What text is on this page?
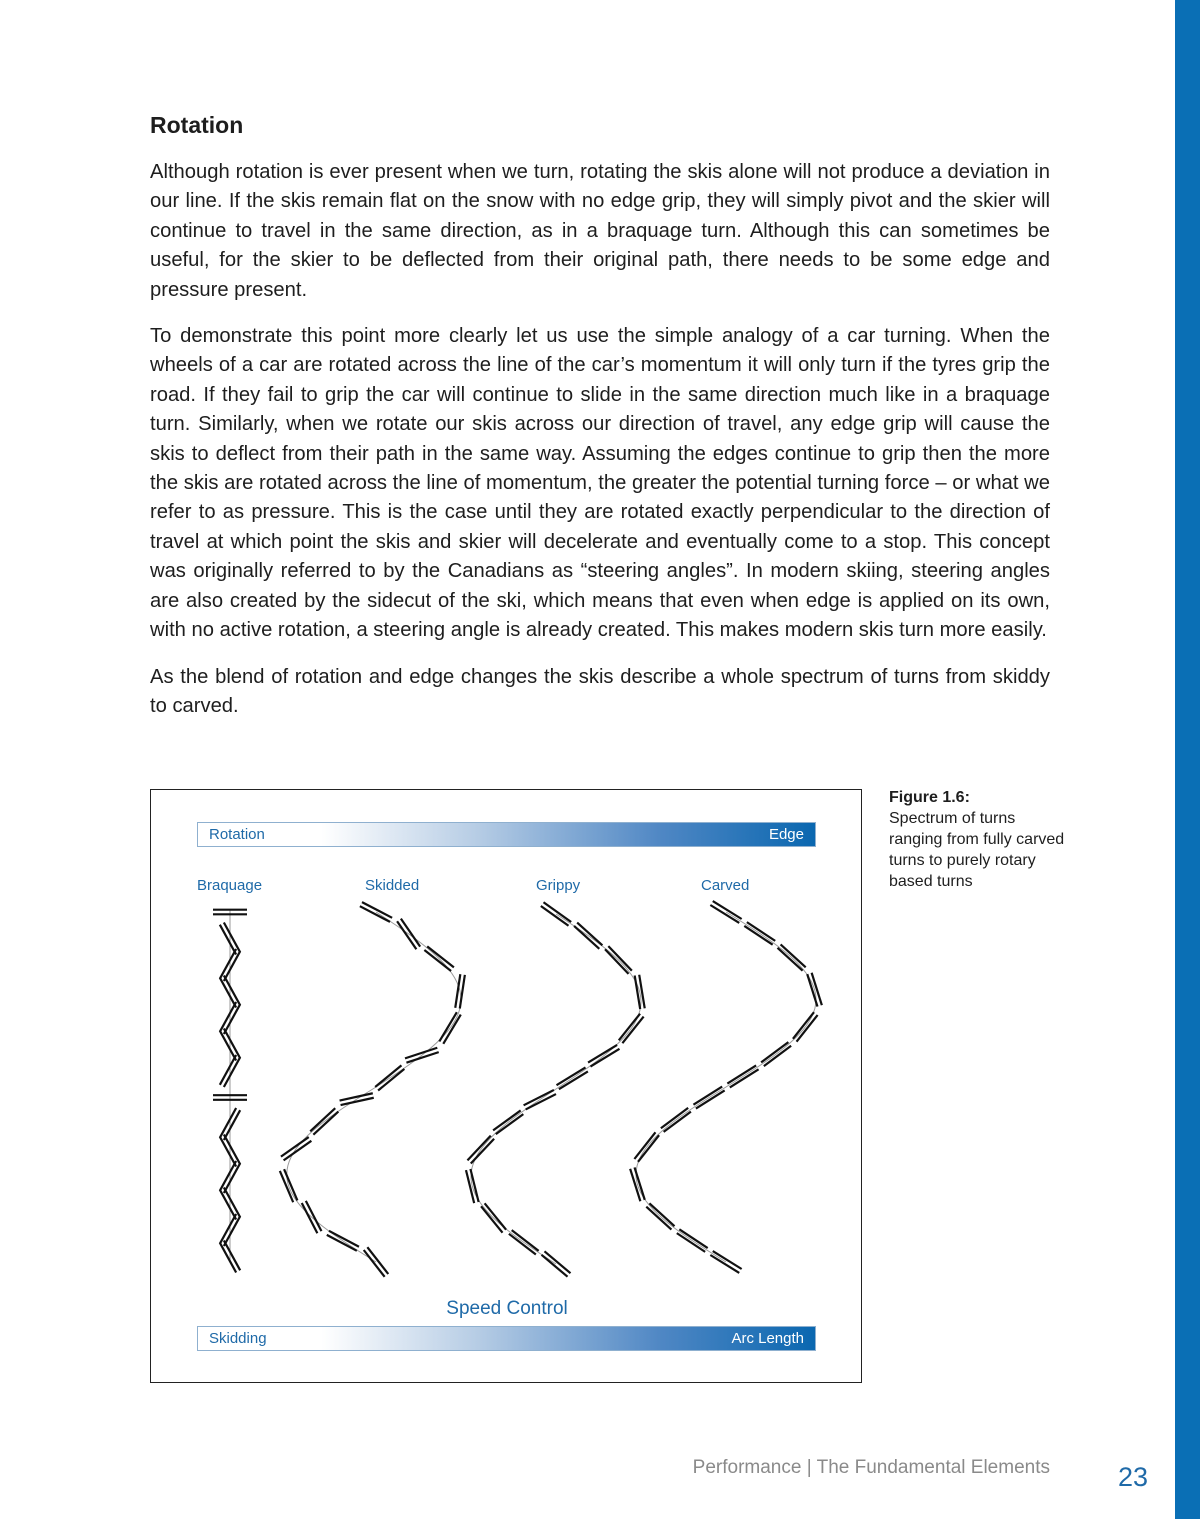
Rotation

Although rotation is ever present when we turn, rotating the skis alone will not produce a deviation in our line. If the skis remain flat on the snow with no edge grip, they will simply pivot and the skier will continue to travel in the same direction, as in a braquage turn. Although this can sometimes be useful, for the skier to be deflected from their original path, there needs to be some edge and pressure present.

To demonstrate this point more clearly let us use the simple analogy of a car turning. When the wheels of a car are rotated across the line of the car’s momentum it will only turn if the tyres grip the road. If they fail to grip the car will continue to slide in the same direction much like in a braquage turn. Similarly, when we rotate our skis across our direction of travel, any edge grip will cause the skis to deflect from their path in the same way. Assuming the edges continue to grip then the more the skis are rotated across the line of momentum, the greater the potential turning force – or what we refer to as pressure. This is the case until they are rotated exactly perpendicular to the direction of travel at which point the skis and skier will decelerate and eventually come to a stop. This concept was originally referred to by the Canadians as “steering angles”. In modern skiing, steering angles are also created by the sidecut of the ski, which means that even when edge is applied on its own, with no active rotation, a steering angle is already created. This makes modern skis turn more easily.

As the blend of rotation and edge changes the skis describe a whole spectrum of turns from skiddy to carved.

Rotation	Edge
Braquage	Skidded	Grippy	Carved
Speed Control
Skidding	Arc Length
Figure 1.6:
Spectrum of turns ranging from fully carved turns to purely rotary based turns
Performance | The Fundamental Elements	23
